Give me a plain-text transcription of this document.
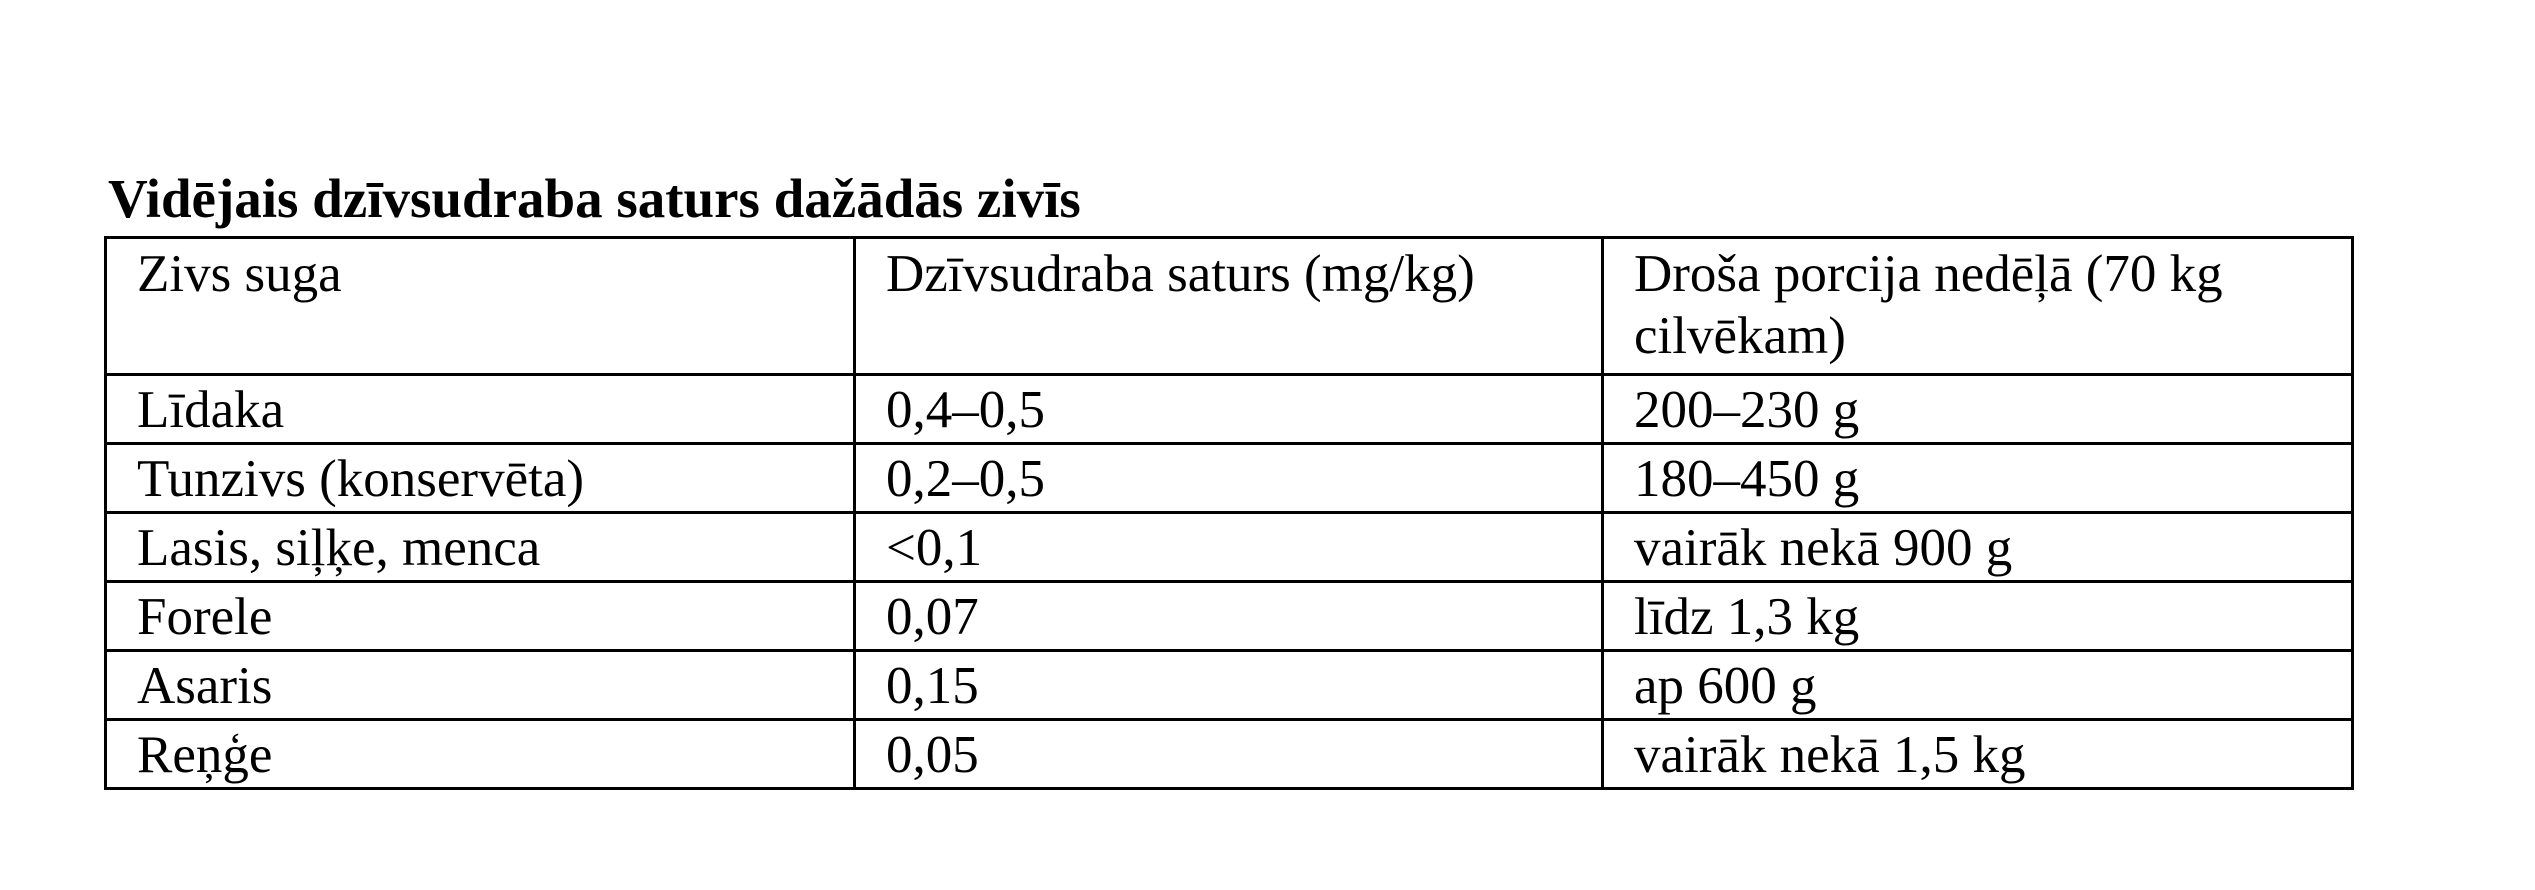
Vidējais dzīvsudraba saturs dažādās zivīs
Zivs suga	Dzīvsudraba saturs (mg/kg)	Droša porcija nedēļā (70 kg cilvēkam)
Līdaka	0,4–0,5	200–230 g
Tunzivs (konservēta)	0,2–0,5	180–450 g
Lasis, siļķe, menca	<0,1	vairāk nekā 900 g
Forele	0,07	līdz 1,3 kg
Asaris	0,15	ap 600 g
Reņģe	0,05	vairāk nekā 1,5 kg
